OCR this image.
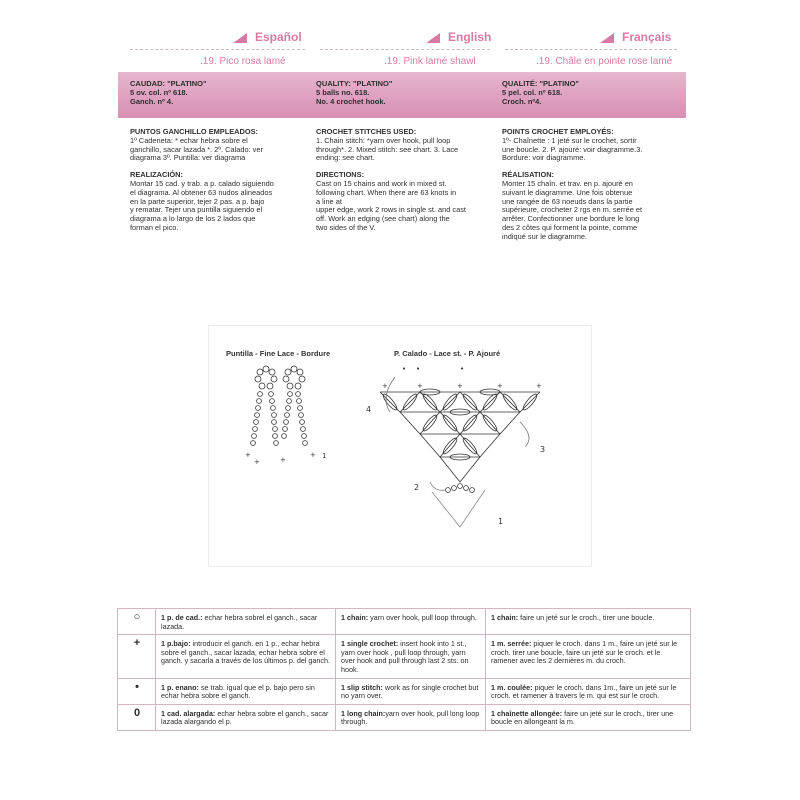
Español	English	Français
.19. Pico rosa lamé	.19. Pink lamé shawl	.19. Châle en pointe rose lamé
CAUDAD: "PLATINO"
5 ov. col. nº 618.
Ganch. nº 4.
QUALITY: "PLATINO"
5 balls no. 618.
No. 4 crochet hook.
QUALITÉ: "PLATINO"
5 pel. col. nº 618.
Croch. nº4.
PUNTOS GANCHILLO EMPLEADOS:
1º Cadeneta: * echar hebra sobre el
ganchillo, sacar lazada *. 2º. Calado: ver
diagrama 3º. Puntilla: ver diagrama
REALIZACIÓN:
Montar 15 cad. y trab. a p. calado siguiendo
el diagrama. Al obtener 63 nudos alineados
en la parte superior, tejer 2 pas. a p. bajo
y rematar. Tejer una puntilla siguiendo el
diagrama a lo largo de los 2 lados que
forman el pico.
CROCHET STITCHES USED:
1. Chain stitch: *yarn over hook, pull loop
through*. 2. Mixed stitch: see chart. 3. Lace
ending: see chart.
DIRECTIONS:
Cast on 15 chains and work in mixed st.
following chart. When there are 63 knots in
a line at
upper edge, work 2 rows in single st. and cast
off. Work an edging (see chart) along the
two sides of the V.
POINTS CROCHET EMPLOYÉS:
1º- Chaînette : 1 jeté sur le crochet, sortir
une boucle. 2. P. ajouré: voir diagramme.3.
Bordure: voir diagramme.
RÉALISATION:
Monter 15 chaîn. et trav. en p. ajouré en
suivant le diagramme. Une fois obtenue
une rangée de 63 noeuds dans la partie
supérieure, crocheter 2 rgs en m. serrée et
arrêter. Confectionner une bordure le long
des 2 côtes qui forment la pointe, comme
indiqué sur le diagramme.
Puntilla - Fine Lace - Bordure	P. Calado - Lace st. - P. Ajouré
+
+	+
+ 1
4
3
2
1
+	+	+	+	+
•	•
•
○	1 p. de cad.: echar hebra sobrel el ganch., sacar lazada.	1 chain: yarn over hook, pull loop through.	1 chain: faire un jeté sur le croch., tirer une boucle.
+	1 p.bajo: introducir el ganch. en 1 p., echar hebra sobre el ganch., sacar lazada, echar hebra sobre el ganch. y sacarla a través de los últimos p. del ganch.	1 single crochet: insert hook into 1 st., yarn over hook , pull loop through, yarn over hook and pull through last 2 sts. on hook.	1 m. serrée: piquer le croch. dans 1 m., faire un jeté sur le croch. tirer une boucle, faire un jeté sur le croch. et le ramener avec les 2 dernières m. du croch.
•	1 p. enano: se trab. igual que el p. bajo pero sin echar hebra sobre el ganch.	1 slip stitch: work as for single crochet but no yarn over.	1 m. coulée: piquer le croch. dans 1m., faire un jeté sur le croch. et ramener à travers le m. qui est sur le croch.
0	1 cad. alargada: echar hebra sobre el ganch., sacar lazada alargando el p.	1 long chain:yarn over hook, pull long loop through.	1 chaînette allongée: faire un jeté sur le croch., tirer une boucle en allongeant la m.
